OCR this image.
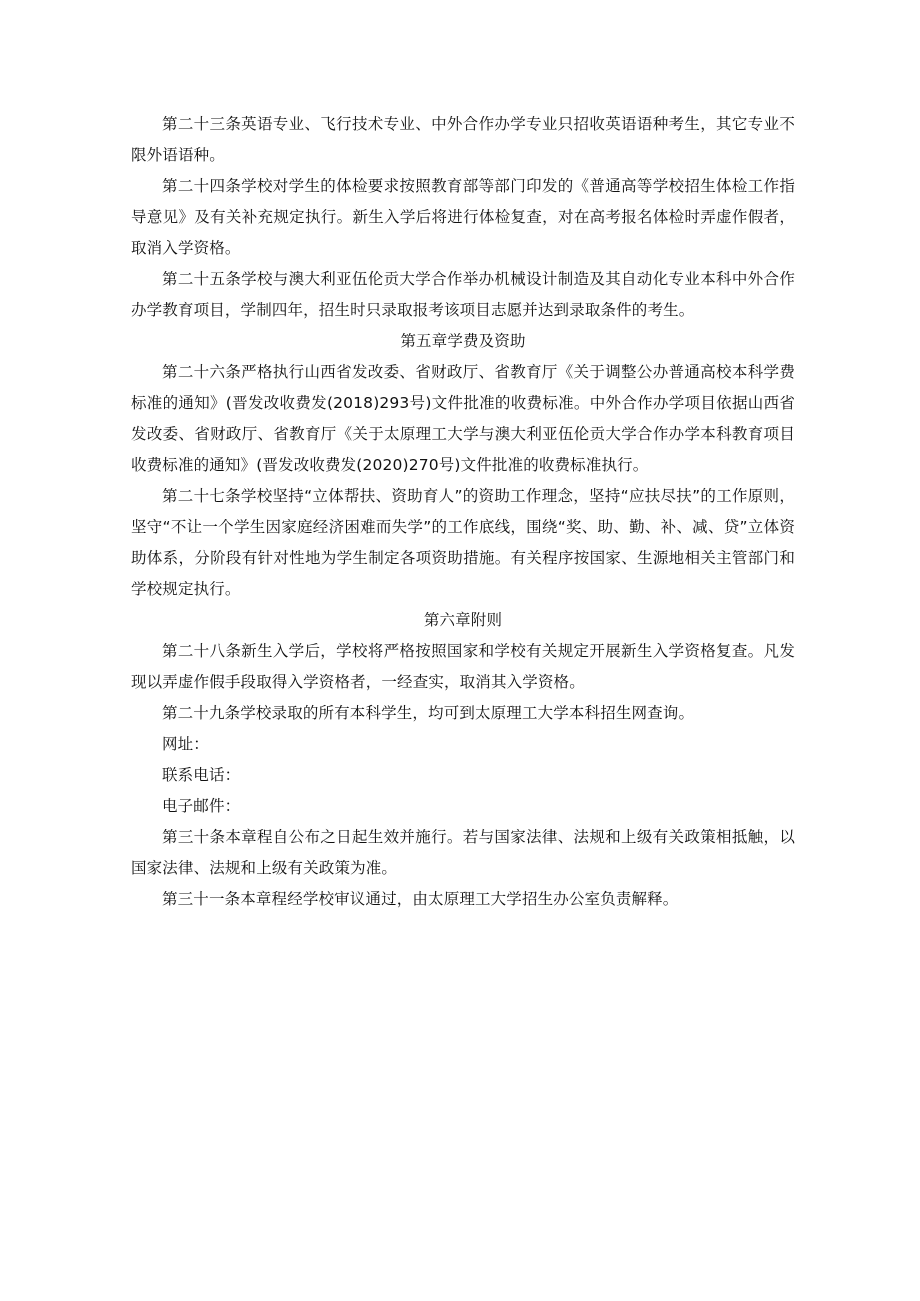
第二十三条英语专业、飞行技术专业、中外合作办学专业只招收英语语种考生，其它专业不限外语语种。

第二十四条学校对学生的体检要求按照教育部等部门印发的《普通高等学校招生体检工作指导意见》及有关补充规定执行。新生入学后将进行体检复查，对在高考报名体检时弄虚作假者，取消入学资格。

第二十五条学校与澳大利亚伍伦贡大学合作举办机械设计制造及其自动化专业本科中外合作办学教育项目，学制四年，招生时只录取报考该项目志愿并达到录取条件的考生。

第五章学费及资助

第二十六条严格执行山西省发改委、省财政厅、省教育厅《关于调整公办普通高校本科学费标准的通知》(晋发改收费发(2018)293号)文件批准的收费标准。中外合作办学项目依据山西省发改委、省财政厅、省教育厅《关于太原理工大学与澳大利亚伍伦贡大学合作办学本科教育项目收费标准的通知》(晋发改收费发(2020)270号)文件批准的收费标准执行。

第二十七条学校坚持“立体帮扶、资助育人”的资助工作理念，坚持“应扶尽扶”的工作原则，坚守“不让一个学生因家庭经济困难而失学”的工作底线，围绕“奖、助、勤、补、减、贷”立体资助体系，分阶段有针对性地为学生制定各项资助措施。有关程序按国家、生源地相关主管部门和学校规定执行。

第六章附则

第二十八条新生入学后，学校将严格按照国家和学校有关规定开展新生入学资格复查。凡发现以弄虚作假手段取得入学资格者，一经查实，取消其入学资格。

第二十九条学校录取的所有本科学生，均可到太原理工大学本科招生网查询。

网址：

联系电话：

电子邮件：

第三十条本章程自公布之日起生效并施行。若与国家法律、法规和上级有关政策相抵触，以国家法律、法规和上级有关政策为准。

第三十一条本章程经学校审议通过，由太原理工大学招生办公室负责解释。
